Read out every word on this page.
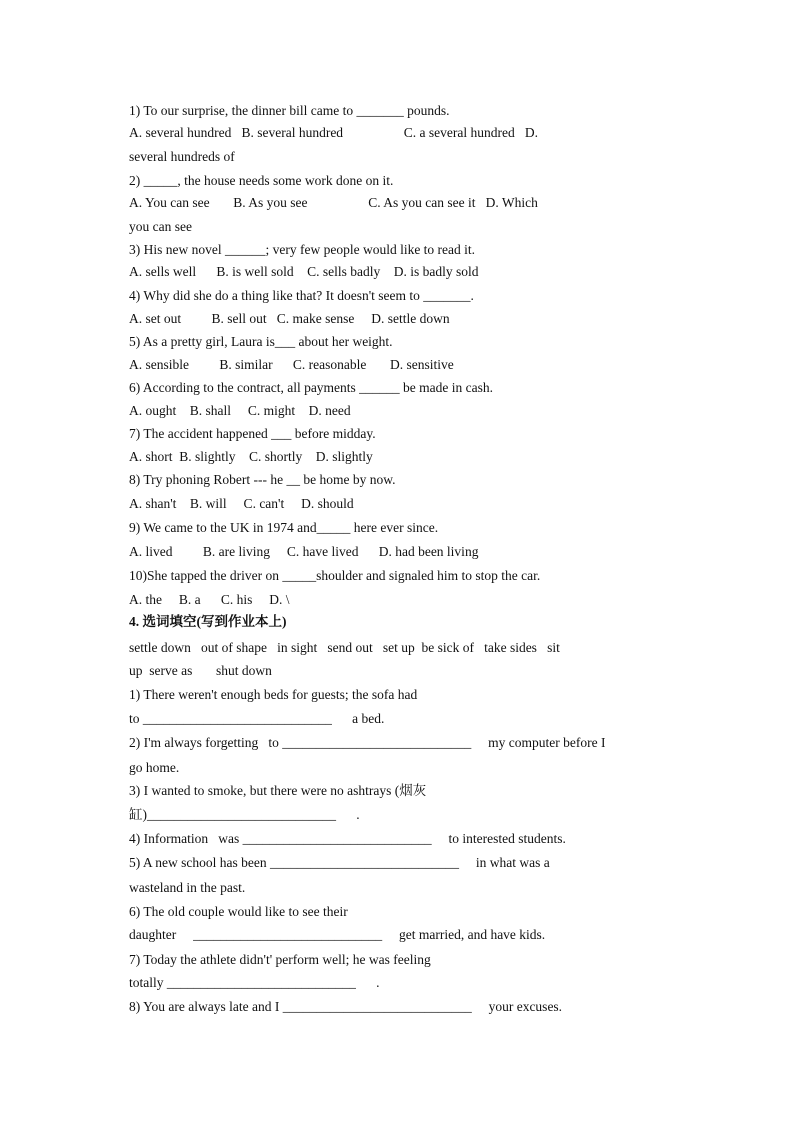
1) To our surprise, the dinner bill came to _______ pounds.
A. several hundred   B. several hundred                  C. a several hundred   D.
several hundreds of
2) _____, the house needs some work done on it.
A. You can see       B. As you see                  C. As you can see it   D. Which
you can see
3) His new novel ______; very few people would like to read it.
A. sells well      B. is well sold    C. sells badly    D. is badly sold
4) Why did she do a thing like that? It doesn't seem to _______.
A. set out         B. sell out   C. make sense     D. settle down
5) As a pretty girl, Laura is___ about her weight.
A. sensible         B. similar      C. reasonable       D. sensitive
6) According to the contract, all payments ______ be made in cash.
A. ought    B. shall     C. might    D. need
7) The accident happened ___ before midday.
A. short  B. slightly    C. shortly    D. slightly
8) Try phoning Robert --- he __ be home by now.
A. shan't    B. will     C. can't     D. should
9) We came to the UK in 1974 and_____ here ever since.
A. lived         B. are living     C. have lived      D. had been living
10)She tapped the driver on _____shoulder and signaled him to stop the car.
A. the     B. a      C. his     D. \
4. 选词填空(写到作业本上)
settle down   out of shape   in sight   send out   set up  be sick of   take sides   sit
up  serve as       shut down
1) There weren't enough beds for guests; the sofa had
to ____________________________      a bed.
2) I'm always forgetting   to ____________________________     my computer before I
go home.
3) I wanted to smoke, but there were no ashtrays (烟灰
缸)____________________________      .
4) Information   was ____________________________     to interested students.
5) A new school has been ____________________________     in what was a
wasteland in the past.
6) The old couple would like to see their
daughter     ____________________________     get married, and have kids.
7) Today the athlete didn't' perform well; he was feeling
totally ____________________________      .
8) You are always late and I ____________________________     your excuses.
